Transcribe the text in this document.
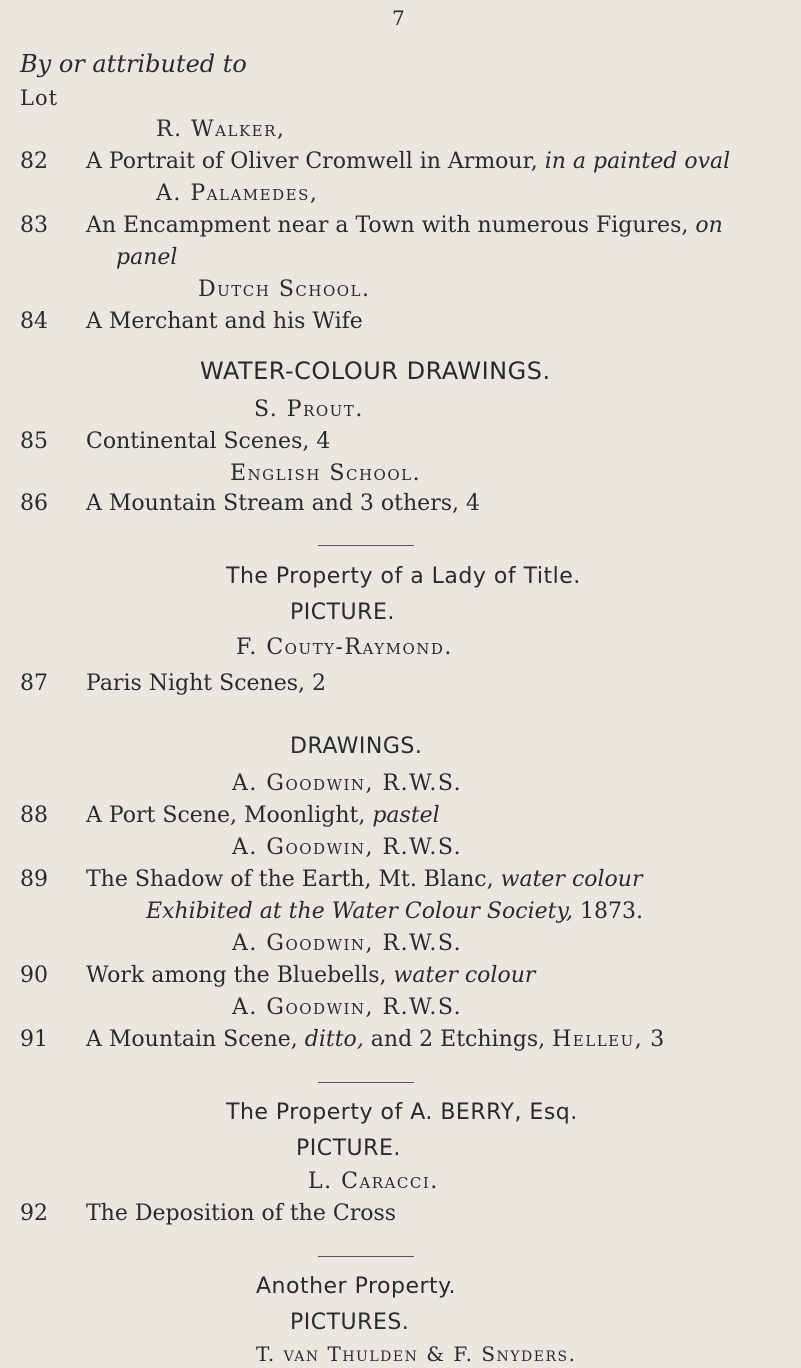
7
By or attributed to
Lot
R. Walker,
82	A Portrait of Oliver Cromwell in Armour, in a painted oval
A. Palamedes,
83	An Encampment near a Town with numerous Figures, on
panel
Dutch School.
84	A Merchant and his Wife
WATER-COLOUR DRAWINGS.
S. Prout.
85	Continental Scenes, 4
English School.
86	A Mountain Stream and 3 others, 4
The Property of a Lady of Title.
PICTURE.
F. Couty-Raymond.
87	Paris Night Scenes, 2
DRAWINGS.
A. Goodwin, R.W.S.
88	A Port Scene, Moonlight, pastel
A. Goodwin, R.W.S.
89	The Shadow of the Earth, Mt. Blanc, water colour
Exhibited at the Water Colour Society, 1873.
A. Goodwin, R.W.S.
90	Work among the Bluebells, water colour
A. Goodwin, R.W.S.
91	A Mountain Scene, ditto, and 2 Etchings, Helleu, 3
The Property of A. BERRY, Esq.
PICTURE.
L. Caracci.
92	The Deposition of the Cross
Another Property.
PICTURES.
T. van Thulden & F. Snyders.
